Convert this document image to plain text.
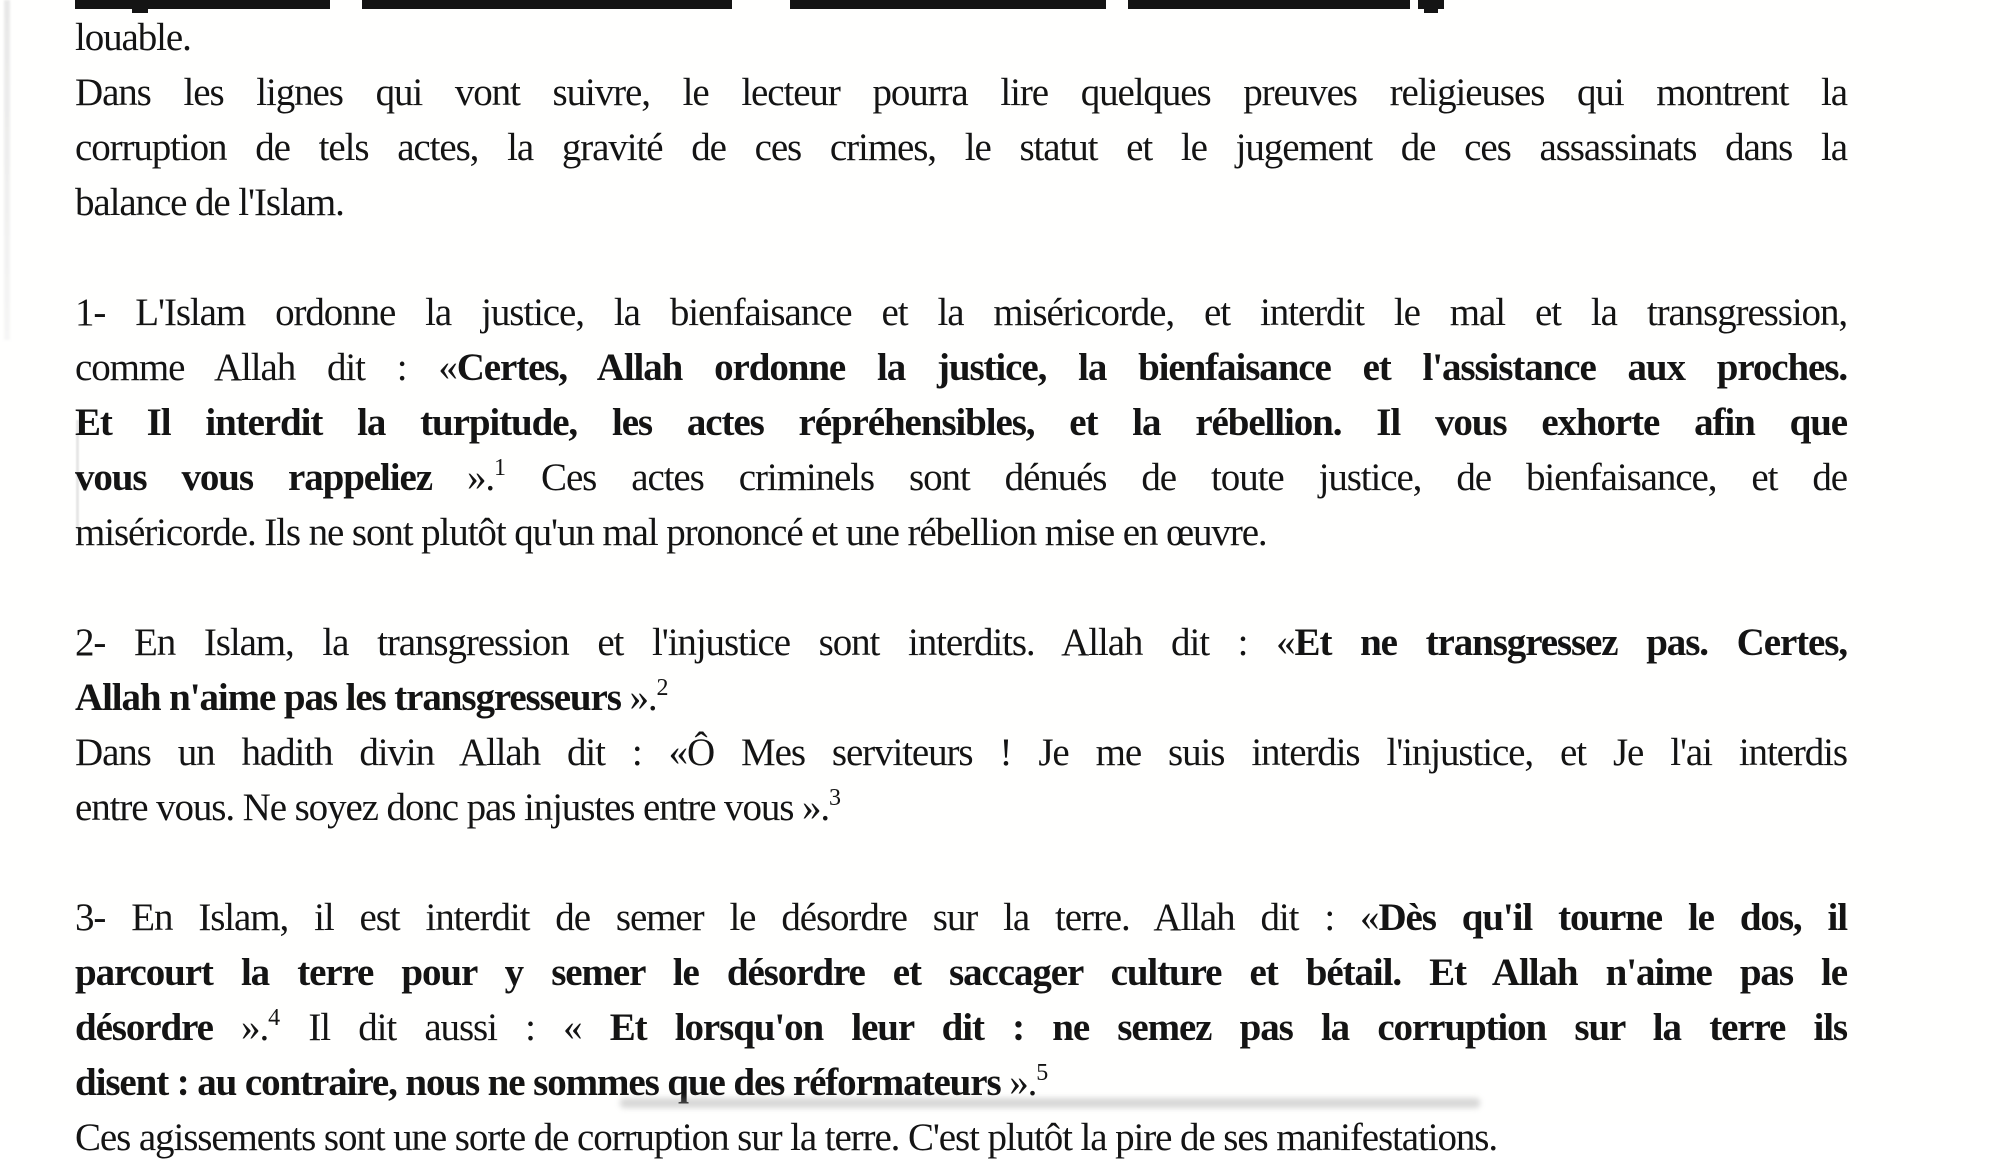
louable.
Dans les lignes qui vont suivre, le lecteur pourra lire quelques preuves religieuses qui montrent la
corruption de tels actes, la gravité de ces crimes, le statut et le jugement de ces assassinats dans la
balance de l'Islam.
1- L'Islam ordonne la justice, la bienfaisance et la miséricorde, et interdit le mal et la transgression,
comme Allah dit : «Certes, Allah ordonne la justice, la bienfaisance et l'assistance aux proches.
Et Il interdit la turpitude, les actes répréhensibles, et la rébellion. Il vous exhorte afin que
vous vous rappeliez ».$^1$ Ces actes criminels sont dénués de toute justice, de bienfaisance, et de
miséricorde. Ils ne sont plutôt qu'un mal prononcé et une rébellion mise en œuvre.
2- En Islam, la transgression et l'injustice sont interdits. Allah dit : «Et ne transgressez pas. Certes,
Allah n'aime pas les transgresseurs ».$^2$
Dans un hadith divin Allah dit : «Ô Mes serviteurs ! Je me suis interdis l'injustice, et Je l'ai interdis
entre vous. Ne soyez donc pas injustes entre vous ».$^3$
3- En Islam, il est interdit de semer le désordre sur la terre. Allah dit : «Dès qu'il tourne le dos, il
parcourt la terre pour y semer le désordre et saccager culture et bétail. Et Allah n'aime pas le
désordre ».$^4$ Il dit aussi : « Et lorsqu'on leur dit : ne semez pas la corruption sur la terre ils
disent : au contraire, nous ne sommes que des réformateurs ».$^5$
Ces agissements sont une sorte de corruption sur la terre. C'est plutôt la pire de ses manifestations.
